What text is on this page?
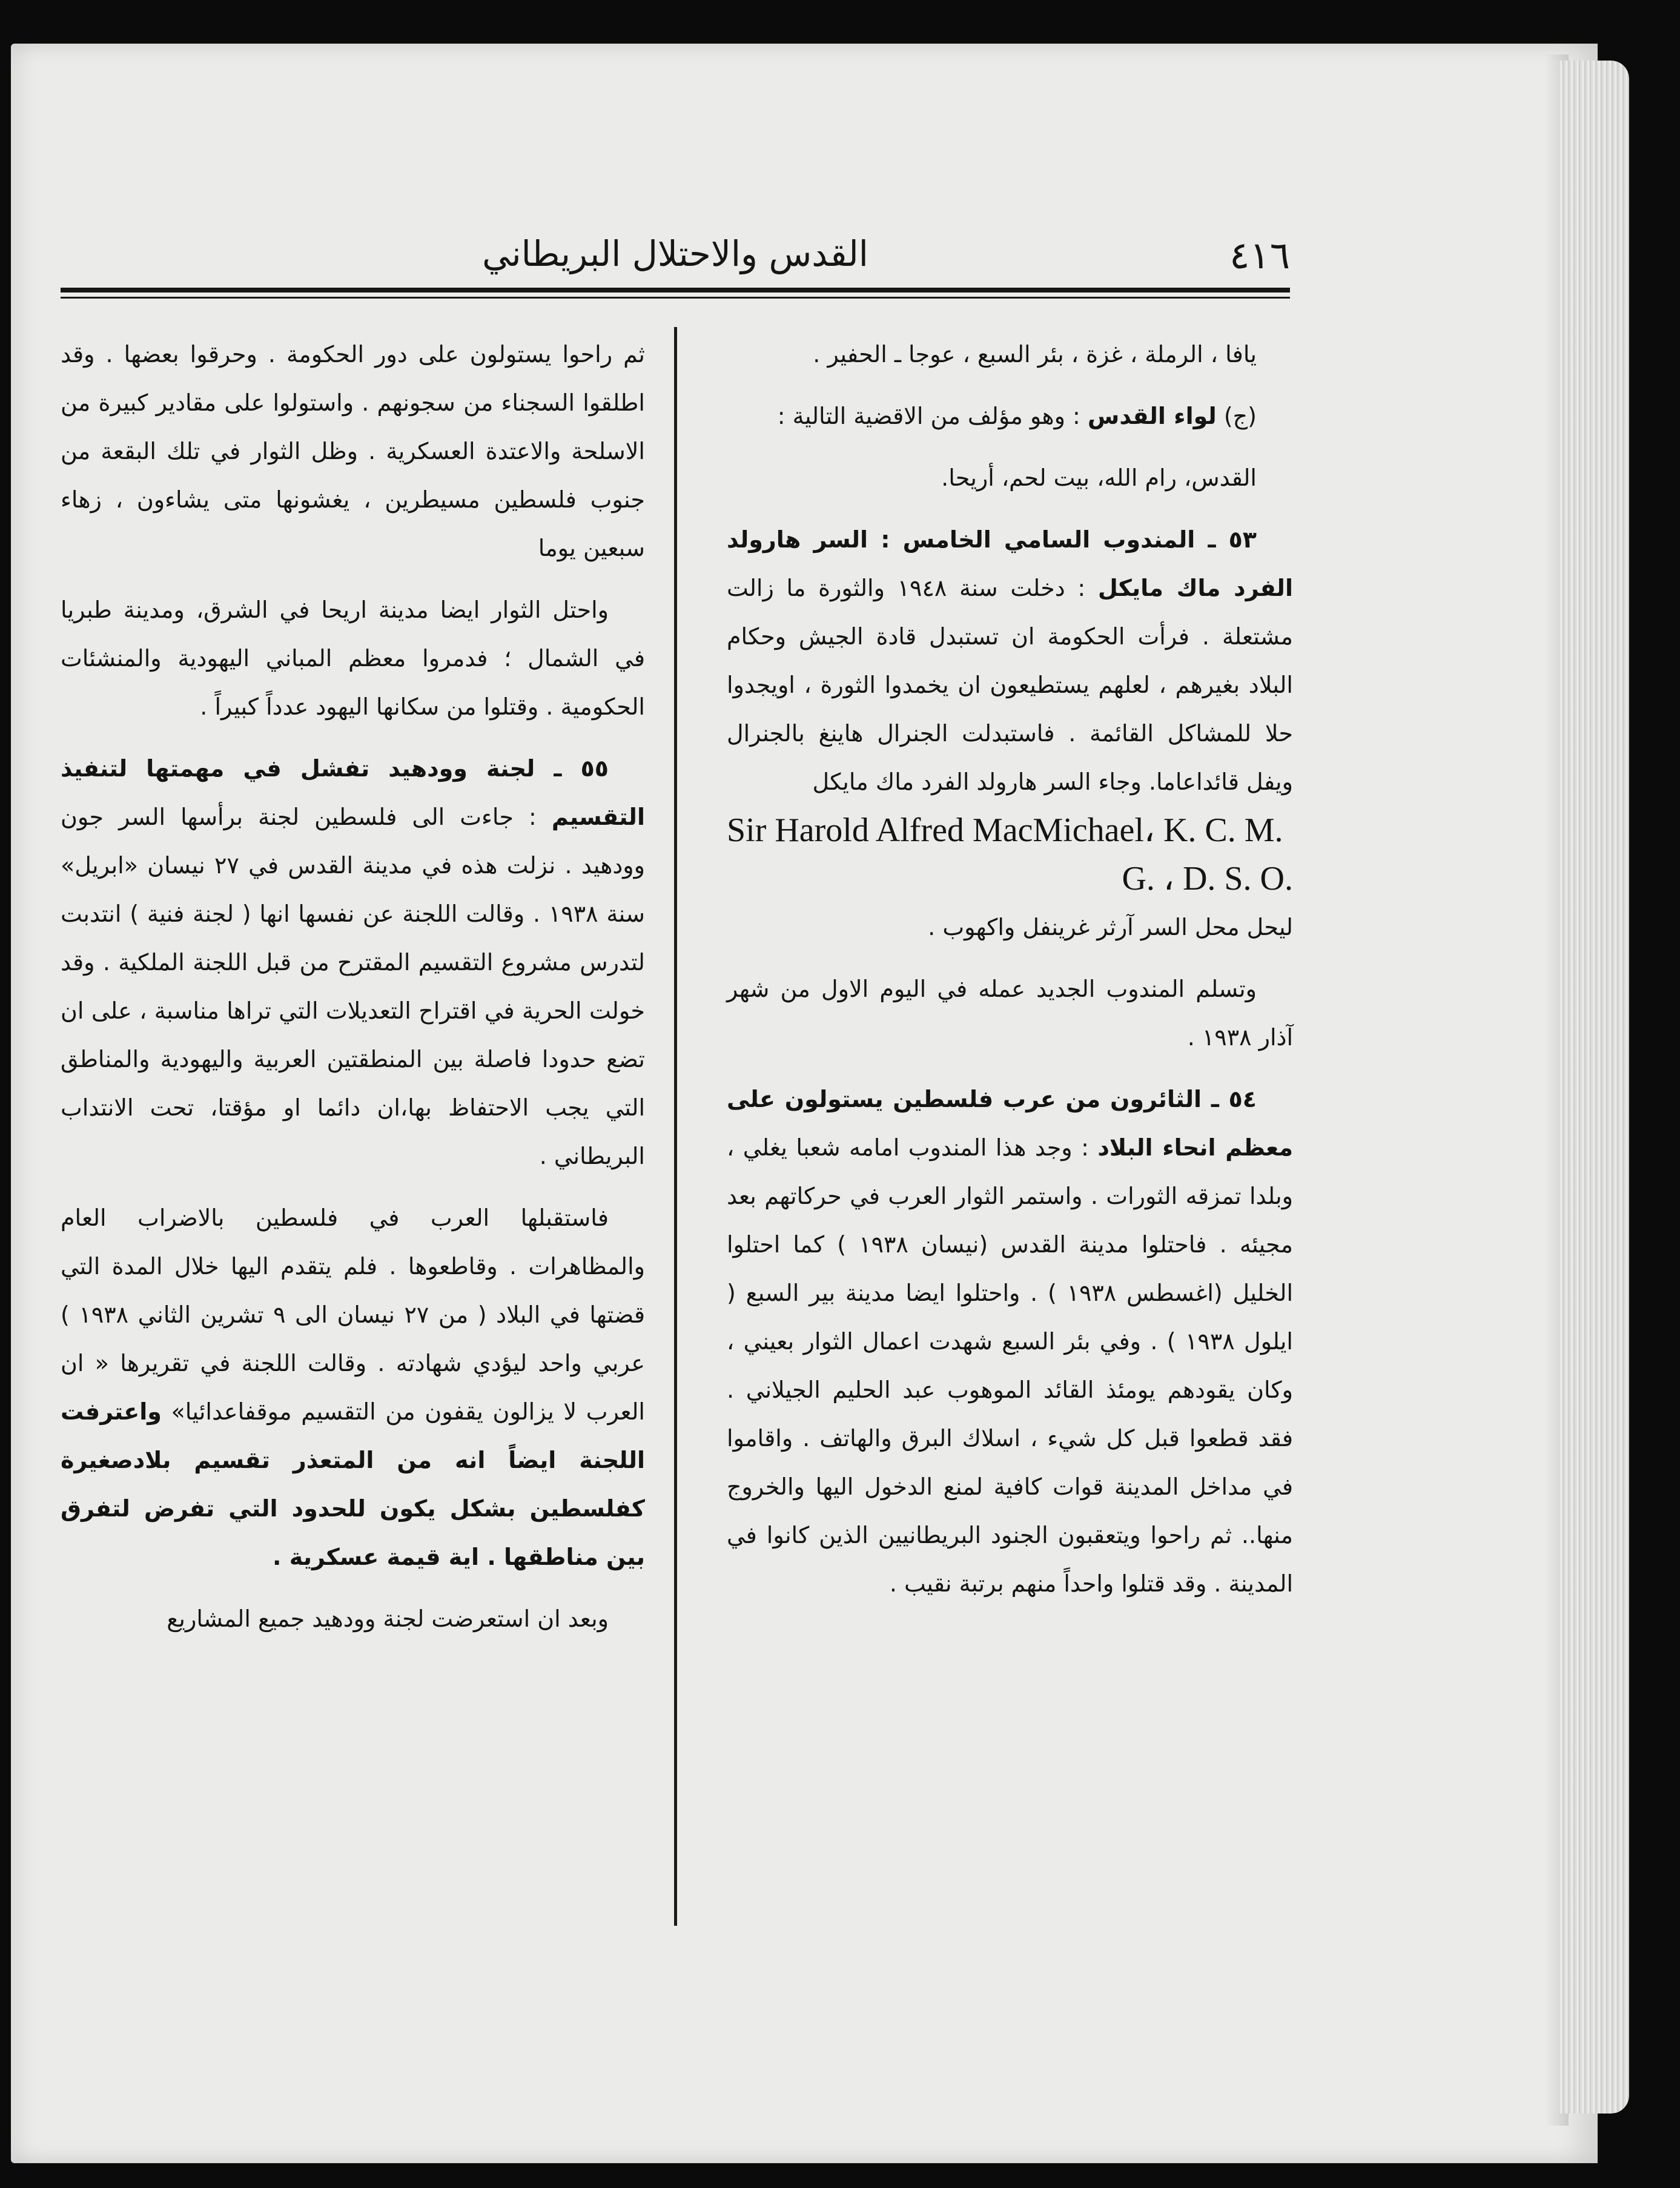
القدس والاحتلال البريطاني	٤١٦

يافا ، الرملة ، غزة ، بئر السبع ، عوجا ـ الحفير .

(ج) لواء القدس : وهو مؤلف من الاقضية التالية :

القدس، رام الله، بيت لحم، أريحا.

٥٣ ـ المندوب السامي الخامس : السر هارولد الفرد ماك مايكل : دخلت سنة ١٩٤٨ والثورة ما زالت مشتعلة . فرأت الحكومة ان تستبدل قادة الجيش وحكام البلاد بغيرهم ، لعلهم يستطيعون ان يخمدوا الثورة ، اويجدوا حلا للمشاكل القائمة . فاستبدلت الجنرال هاينغ بالجنرال ويفل قائداعاما. وجاء السر هارولد الفرد ماك مايكل

Sir Harold Alfred MacMichael، K. C. M. G. ، D. S. O.

ليحل محل السر آرثر غرينفل واكهوب .

وتسلم المندوب الجديد عمله في اليوم الاول من شهر آذار ١٩٣٨ .

٥٤ ـ الثائرون من عرب فلسطين يستولون على معظم انحاء البلاد : وجد هذا المندوب امامه شعبا يغلي ، وبلدا تمزقه الثورات . واستمر الثوار العرب في حركاتهم بعد مجيئه . فاحتلوا مدينة القدس (نيسان ١٩٣٨ ) كما احتلوا الخليل (اغسطس ١٩٣٨ ) . واحتلوا ايضا مدينة بير السبع ( ايلول ١٩٣٨ ) . وفي بئر السبع شهدت اعمال الثوار بعيني ، وكان يقودهم يومئذ القائد الموهوب عبد الحليم الجيلاني . فقد قطعوا قبل كل شيء ، اسلاك البرق والهاتف . واقاموا في مداخل المدينة قوات كافية لمنع الدخول اليها والخروج منها.. ثم راحوا ويتعقبون الجنود البريطانيين الذين كانوا في المدينة . وقد قتلوا واحداً منهم برتبة نقيب .

ثم راحوا يستولون على دور الحكومة . وحرقوا بعضها . وقد اطلقوا السجناء من سجونهم . واستولوا على مقادير كبيرة من الاسلحة والاعتدة العسكرية . وظل الثوار في تلك البقعة من جنوب فلسطين مسيطرين ، يغشونها متى يشاءون ، زهاء سبعين يوما

واحتل الثوار ايضا مدينة اريحا في الشرق، ومدينة طبريا في الشمال ؛ فدمروا معظم المباني اليهودية والمنشئات الحكومية . وقتلوا من سكانها اليهود عدداً كبيراً .

٥٥ ـ لجنة وودهيد تفشل في مهمتها لتنفيذ التقسيم : جاءت الى فلسطين لجنة برأسها السر جون وودهيد . نزلت هذه في مدينة القدس في ٢٧ نيسان «ابريل» سنة ١٩٣٨ . وقالت اللجنة عن نفسها انها ( لجنة فنية ) انتدبت لتدرس مشروع التقسيم المقترح من قبل اللجنة الملكية . وقد خولت الحرية في اقتراح التعديلات التي تراها مناسبة ، على ان تضع حدودا فاصلة بين المنطقتين العربية واليهودية والمناطق التي يجب الاحتفاظ بها،ان دائما او مؤقتا، تحت الانتداب البريطاني .

فاستقبلها العرب في فلسطين بالاضراب العام والمظاهرات . وقاطعوها . فلم يتقدم اليها خلال المدة التي قضتها في البلاد ( من ٢٧ نيسان الى ٩ تشرين الثاني ١٩٣٨ ) عربي واحد ليؤدي شهادته . وقالت اللجنة في تقريرها « ان العرب لا يزالون يقفون من التقسيم موقفاعدائيا» واعترفت اللجنة ايضاً انه من المتعذر تقسيم بلادصغيرة كفلسطين بشكل يكون للحدود التي تفرض لتفرق بين مناطقها . اية قيمة عسكرية .

وبعد ان استعرضت لجنة وودهيد جميع المشاريع
